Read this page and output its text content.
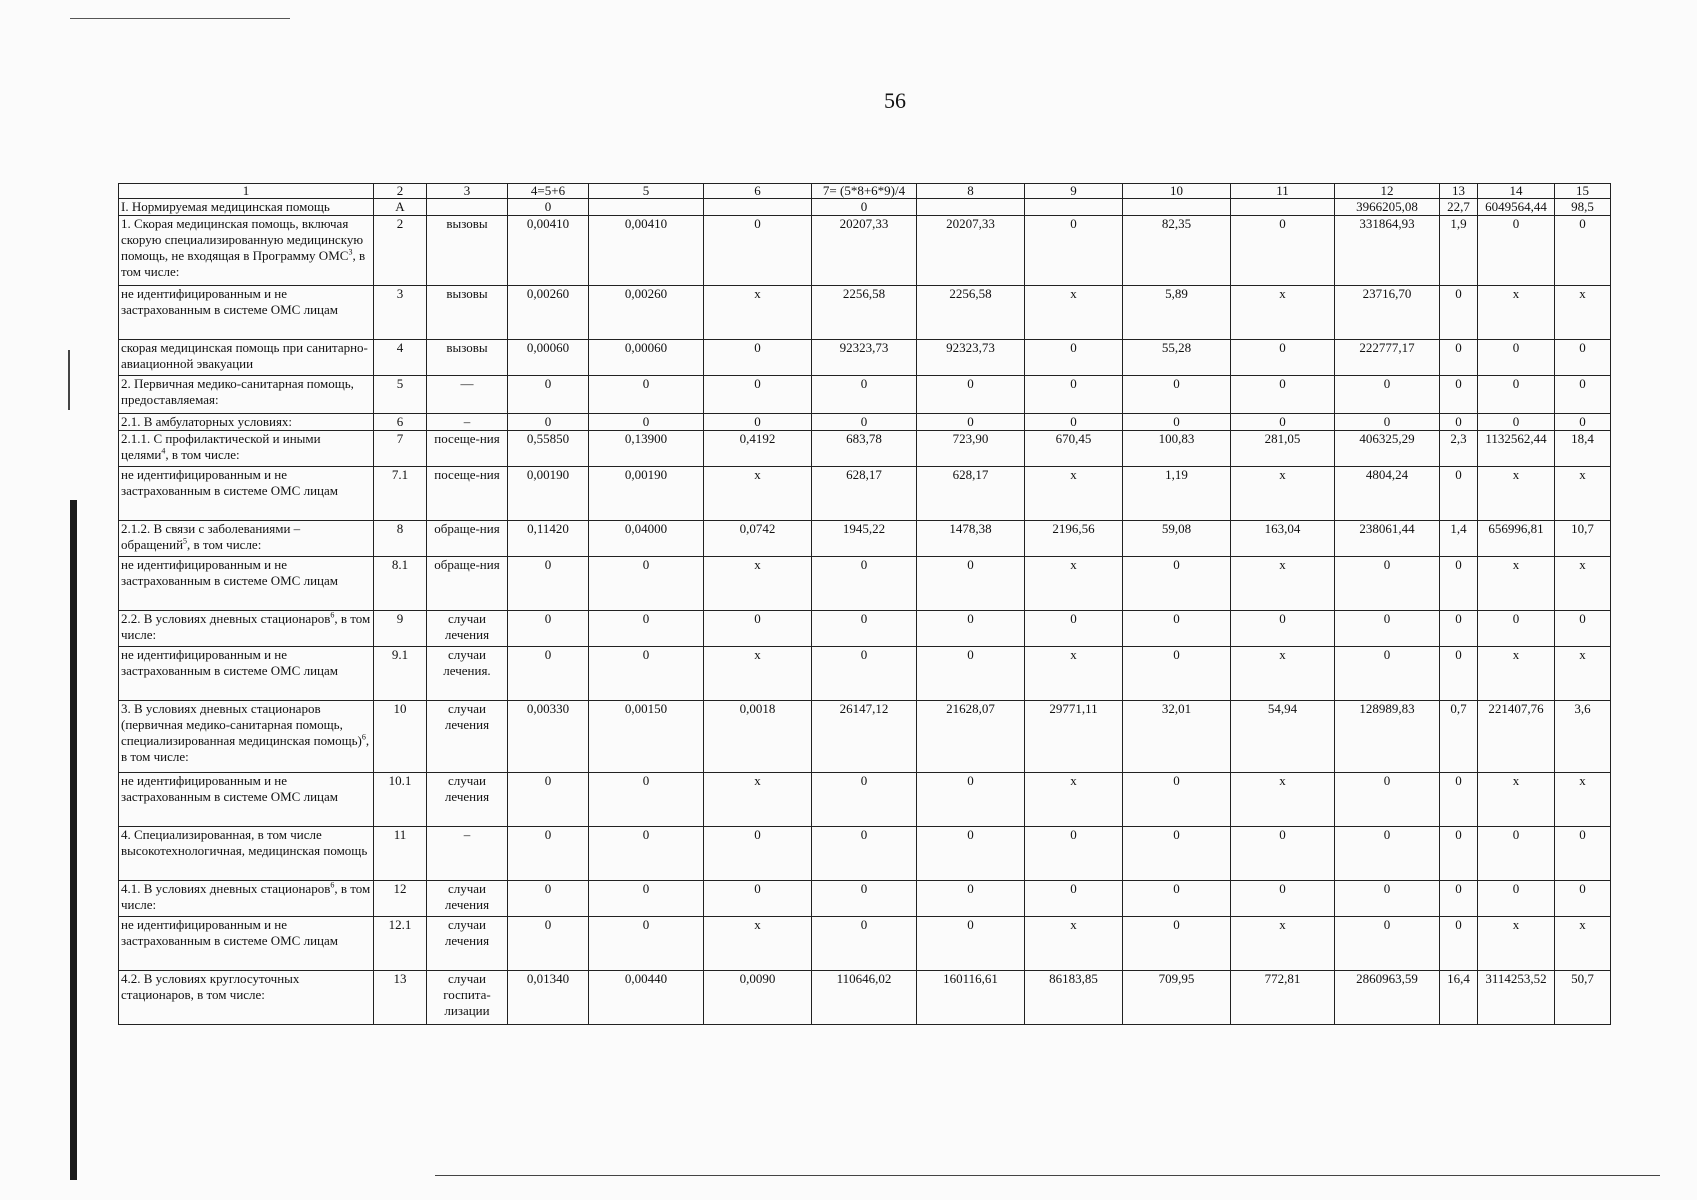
56
1	2	3	4=5+6	5	6	7= (5*8+6*9)/4	8	9	10	11	12	13	14	15
I. Нормируемая медицинская помощь	А		0			0					3966205,08	22,7	6049564,44	98,5
1. Скорая медицинская помощь, включая скорую специализированную медицинскую помощь, не входящая в Программу ОМС$^3$, в том числе:	2	вызовы	0,00410	0,00410	0	20207,33	20207,33	0	82,35	0	331864,93	1,9	0	0
не идентифицированным и не застрахованным в системе ОМС лицам	3	вызовы	0,00260	0,00260	х	2256,58	2256,58	х	5,89	х	23716,70	0	х	х
скорая медицинская помощь при санитарно-авиационной эвакуации	4	вызовы	0,00060	0,00060	0	92323,73	92323,73	0	55,28	0	222777,17	0	0	0
2. Первичная медико-санитарная помощь, предоставляемая:	5	—	0	0	0	0	0	0	0	0	0	0	0	0
2.1. В амбулаторных условиях:	6	–	0	0	0	0	0	0	0	0	0	0	0	0
2.1.1. С профилактической и иными целями$^4$, в том числе:	7	посеще-ния	0,55850	0,13900	0,4192	683,78	723,90	670,45	100,83	281,05	406325,29	2,3	1132562,44	18,4
не идентифицированным и не застрахованным в системе ОМС лицам	7.1	посеще-ния	0,00190	0,00190	х	628,17	628,17	х	1,19	х	4804,24	0	х	х
2.1.2. В связи с заболеваниями – обращений$^5$, в том числе:	8	обраще-ния	0,11420	0,04000	0,0742	1945,22	1478,38	2196,56	59,08	163,04	238061,44	1,4	656996,81	10,7
не идентифицированным и не застрахованным в системе ОМС лицам	8.1	обраще-ния	0	0	х	0	0	х	0	х	0	0	х	х
2.2. В условиях дневных стационаров$^6$, в том числе:	9	случаи лечения	0	0	0	0	0	0	0	0	0	0	0	0
не идентифицированным и не застрахованным в системе ОМС лицам	9.1	случаи лечения.	0	0	х	0	0	х	0	х	0	0	х	х
3. В условиях дневных стационаров (первичная медико-санитарная помощь, специализированная медицинская помощь)$^6$, в том числе:	10	случаи лечения	0,00330	0,00150	0,0018	26147,12	21628,07	29771,11	32,01	54,94	128989,83	0,7	221407,76	3,6
не идентифицированным и не застрахованным в системе ОМС лицам	10.1	случаи лечения	0	0	х	0	0	х	0	х	0	0	х	х
4. Специализированная, в том числе высокотехнологичная, медицинская помощь	11	–	0	0	0	0	0	0	0	0	0	0	0	0
4.1. В условиях дневных стационаров$^6$, в том числе:	12	случаи лечения	0	0	0	0	0	0	0	0	0	0	0	0
не идентифицированным и не застрахованным в системе ОМС лицам	12.1	случаи лечения	0	0	х	0	0	х	0	х	0	0	х	х
4.2. В условиях круглосуточных стационаров, в том числе:	13	случаи госпита-лизации	0,01340	0,00440	0,0090	110646,02	160116,61	86183,85	709,95	772,81	2860963,59	16,4	3114253,52	50,7
